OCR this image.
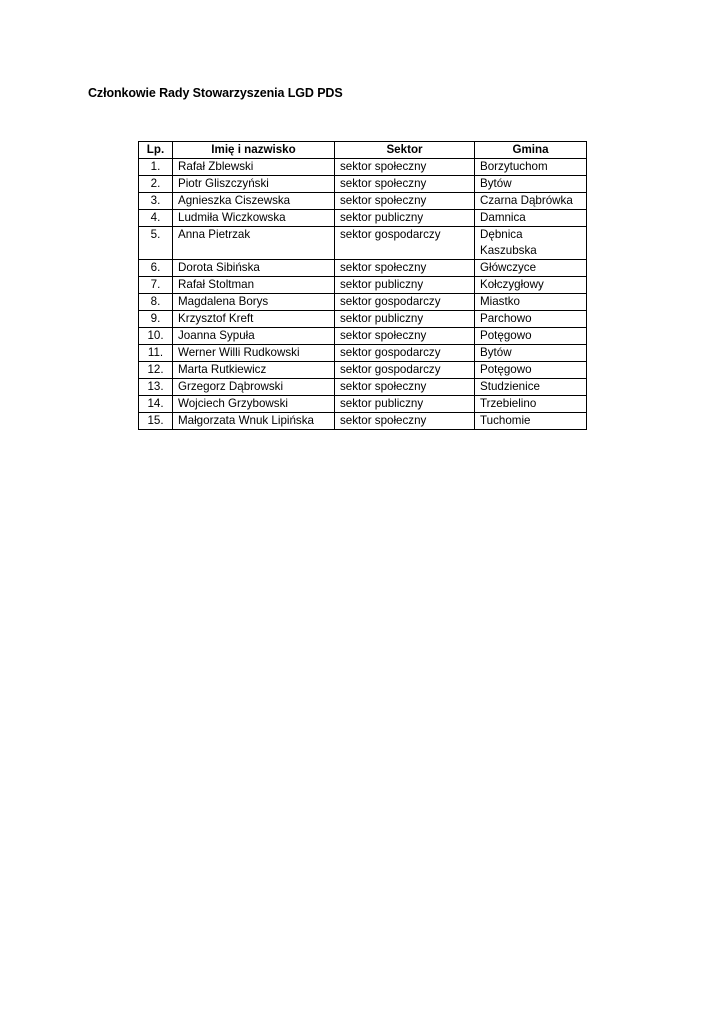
Członkowie Rady Stowarzyszenia LGD PDS
Lp.	Imię i nazwisko	Sektor	Gmina
1.	Rafał Zblewski	sektor społeczny	Borzytuchom
2.	Piotr Gliszczyński	sektor społeczny	Bytów
3.	Agnieszka Ciszewska	sektor społeczny	Czarna Dąbrówka
4.	Ludmiła Wiczkowska	sektor publiczny	Damnica
5.	Anna Pietrzak	sektor gospodarczy	Dębnica Kaszubska
6.	Dorota Sibińska	sektor społeczny	Główczyce
7.	Rafał Stoltman	sektor publiczny	Kołczygłowy
8.	Magdalena Borys	sektor gospodarczy	Miastko
9.	Krzysztof Kreft	sektor publiczny	Parchowo
10.	Joanna Sypuła	sektor społeczny	Potęgowo
11.	Werner Willi Rudkowski	sektor gospodarczy	Bytów
12.	Marta Rutkiewicz	sektor gospodarczy	Potęgowo
13.	Grzegorz Dąbrowski	sektor społeczny	Studzienice
14.	Wojciech Grzybowski	sektor publiczny	Trzebielino
15.	Małgorzata Wnuk Lipińska	sektor społeczny	Tuchomie
